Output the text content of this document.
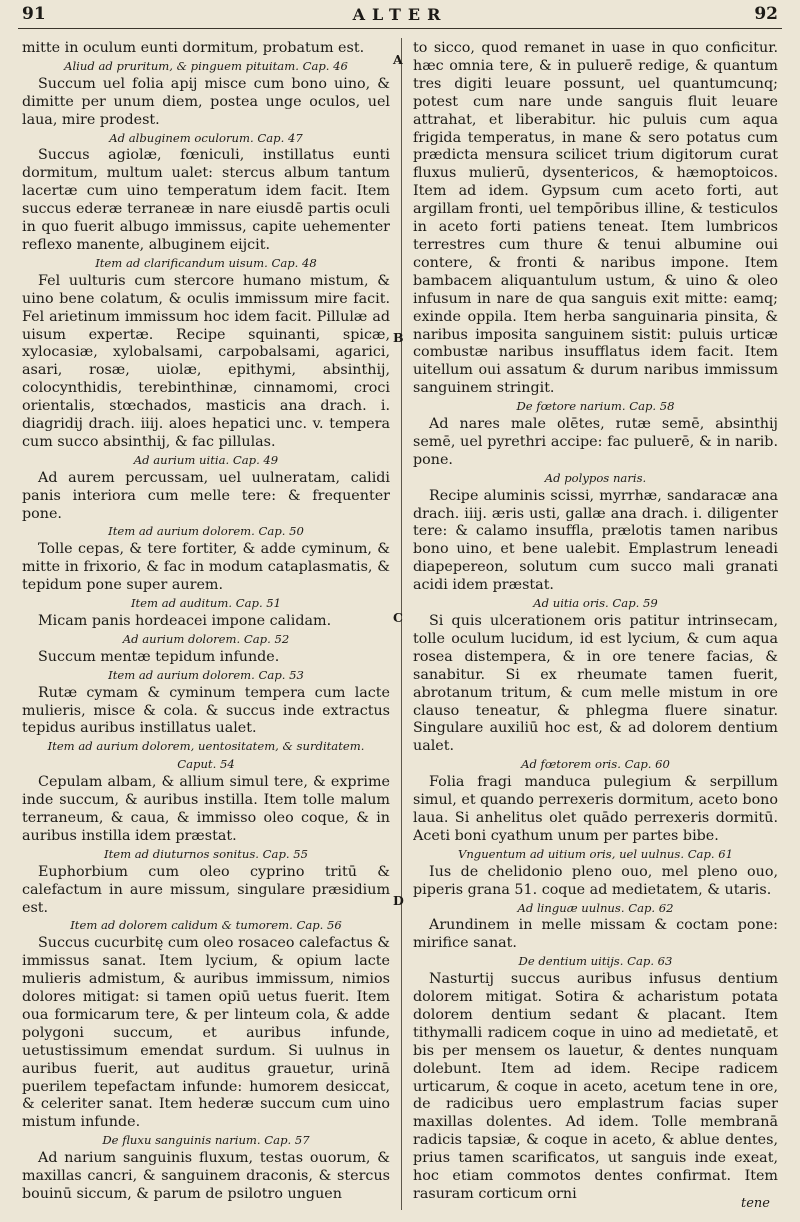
91	ALTER	92

mitte in oculum eunti dormitum, probatum est.

Aliud ad pruritum, & pinguem pituitam. Cap. 46

Succum uel folia apij misce cum bono uino, & dimitte per unum diem, postea unge oculos, uel laua, mire prodest.

Ad albuginem oculorum. Cap. 47

Succus agiolæ, fœniculi, instillatus eunti dormitum, multum ualet: stercus album tantum lacertæ cum uino temperatum idem facit. Item succus ederæ terraneæ in nare eiusdē partis oculi in quo fuerit albugo immissus, capite uehementer reflexo manente, albuginem eijcit.

Item ad clarificandum uisum. Cap. 48

Fel uulturis cum stercore humano mistum, & uino bene colatum, & oculis immissum mire facit. Fel arietinum immissum hoc idem facit. Pillulæ ad uisum expertæ. Recipe squinanti, spicæ, xylocasiæ, xylobalsami, carpobalsami, agarici, asari, rosæ, uiolæ, epithymi, absinthij, colocynthidis, terebinthinæ, cinnamomi, croci orientalis, stœchados, masticis ana drach. i. diagridij drach. iiij. aloes hepatici unc. v. tempera cum succo absinthij, & fac pillulas.

Ad aurium uitia. Cap. 49

Ad aurem percussam, uel uulneratam, calidi panis interiora cum melle tere: & frequenter pone.

Item ad aurium dolorem. Cap. 50

Tolle cepas, & tere fortiter, & adde cyminum, & mitte in frixorio, & fac in modum cataplasmatis, & tepidum pone super aurem.

Item ad auditum. Cap. 51

Micam panis hordeacei impone calidam.

Ad aurium dolorem. Cap. 52

Succum mentæ tepidum infunde.

Item ad aurium dolorem. Cap. 53

Rutæ cymam & cyminum tempera cum lacte mulieris, misce & cola. & succus inde extractus tepidus auribus instillatus ualet.

Item ad aurium dolorem, uentositatem, & surditatem.

Caput. 54

Cepulam albam, & allium simul tere, & exprime inde succum, & auribus instilla. Item tolle malum terraneum, & caua, & immisso oleo coque, & in auribus instilla idem præstat.

Item ad diuturnos sonitus. Cap. 55

Euphorbium cum oleo cyprino tritū & calefactum in aure missum, singulare præsidium est.

Item ad dolorem calidum & tumorem. Cap. 56

Succus cucurbitę cum oleo rosaceo calefactus & immissus sanat. Item lycium, & opium lacte mulieris admistum, & auribus immissum, nimios dolores mitigat: si tamen opiū uetus fuerit. Item oua formicarum tere, & per linteum cola, & adde polygoni succum, et auribus infunde, uetustissimum emendat surdum. Si uulnus in auribus fuerit, aut auditus grauetur, urinā puerilem tepefactam infunde: humorem desiccat, & celeriter sanat. Item hederæ succum cum uino mistum infunde.

De fluxu sanguinis narium. Cap. 57

Ad narium sanguinis fluxum, testas ouorum, & maxillas cancri, & sanguinem draconis, & stercus bouinū siccum, & parum de psilotro unguen

to sicco, quod remanet in uase in quo conficitur. hæc omnia tere, & in puluerē redige, & quantum tres digiti leuare possunt, uel quantumcunq; potest cum nare unde sanguis fluit leuare attrahat, et liberabitur. hic puluis cum aqua frigida temperatus, in mane & sero potatus cum prædicta mensura scilicet trium digitorum curat fluxus mulierū, dysentericos, & hæmoptoicos. Item ad idem. Gypsum cum aceto forti, aut argillam fronti, uel tempōribus illine, & testiculos in aceto forti patiens teneat. Item lumbricos terrestres cum thure & tenui albumine oui contere, & fronti & naribus impone. Item bambacem aliquantulum ustum, & uino & oleo infusum in nare de qua sanguis exit mitte: eamq; exinde oppila. Item herba sanguinaria pinsita, & naribus imposita sanguinem sistit: puluis urticæ combustæ naribus insufflatus idem facit. Item uitellum oui assatum & durum naribus immissum sanguinem stringit.

De fœtore narium. Cap. 58

Ad nares male olētes, rutæ semē, absinthij semē, uel pyrethri accipe: fac puluerē, & in narib. pone.

Ad polypos naris.

Recipe aluminis scissi, myrrhæ, sandaracæ ana drach. iiij. æris usti, gallæ ana drach. i. diligenter tere: & calamo insuffla, prælotis tamen naribus bono uino, et bene ualebit. Emplastrum leneadi diapepereon, solutum cum succo mali granati acidi idem præstat.

Ad uitia oris. Cap. 59

Si quis ulcerationem oris patitur intrinsecam, tolle oculum lucidum, id est lycium, & cum aqua rosea distempera, & in ore tenere facias, & sanabitur. Si ex rheumate tamen fuerit, abrotanum tritum, & cum melle mistum in ore clauso teneatur, & phlegma fluere sinatur. Singulare auxiliū hoc est, & ad dolorem dentium ualet.

Ad fœtorem oris. Cap. 60

Folia fragi manduca pulegium & serpillum simul, et quando perrexeris dormitum, aceto bono laua. Si anhelitus olet quādo perrexeris dormitū. Aceti boni cyathum unum per partes bibe.

Vnguentum ad uitium oris, uel uulnus. Cap. 61

Ius de chelidonio pleno ouo, mel pleno ouo, piperis grana 51. coque ad medietatem, & utaris.

Ad linguæ uulnus. Cap. 62

Arundinem in melle missam & coctam pone: mirifice sanat.

De dentium uitijs. Cap. 63

Nasturtij succus auribus infusus dentium dolorem mitigat. Sotira & acharistum potata dolorem dentium sedant & placant. Item tithymalli radicem coque in uino ad medietatē, et bis per mensem os lauetur, & dentes nunquam dolebunt. Item ad idem. Recipe radicem urticarum, & coque in aceto, acetum tene in ore, de radicibus uero emplastrum facias super maxillas dolentes. Ad idem. Tolle membranā radicis tapsiæ, & coque in aceto, & ablue dentes, prius tamen scarificatos, ut sanguis inde exeat, hoc etiam commotos dentes confirmat. Item rasuram corticum orni

A
B
C
D
tene
